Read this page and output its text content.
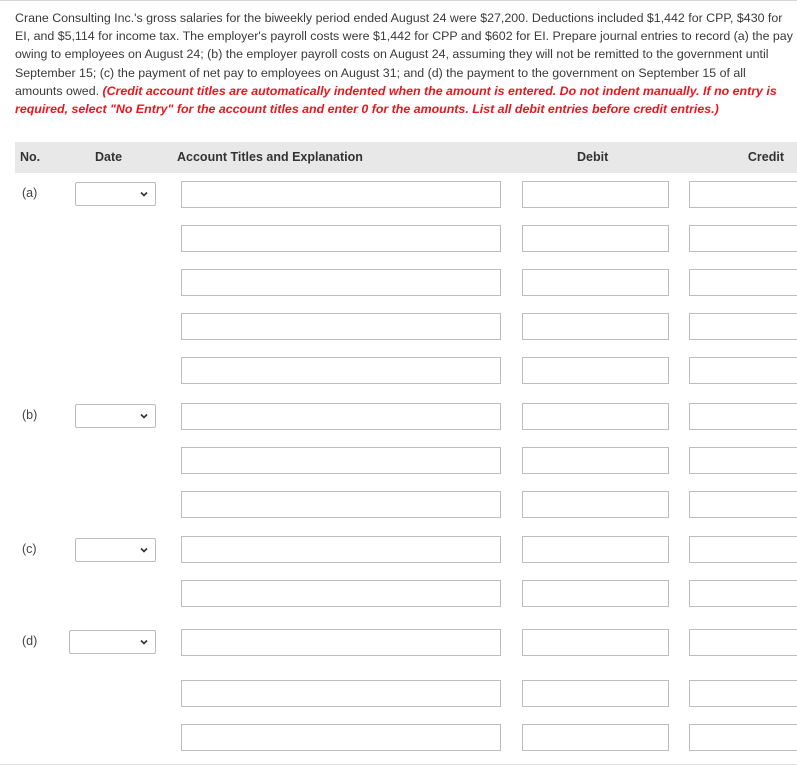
Crane Consulting Inc.'s gross salaries for the biweekly period ended August 24 were $27,200. Deductions included $1,442 for CPP, $430 for EI, and $5,114 for income tax. The employer's payroll costs were $1,442 for CPP and $602 for EI. Prepare journal entries to record (a) the pay owing to employees on August 24; (b) the employer payroll costs on August 24, assuming they will not be remitted to the government until September 15; (c) the payment of net pay to employees on August 31; and (d) the payment to the government on September 15 of all amounts owed. (Credit account titles are automatically indented when the amount is entered. Do not indent manually. If no entry is required, select "No Entry" for the account titles and enter 0 for the amounts. List all debit entries before credit entries.)
No.	Date	Account Titles and Explanation	Debit	Credit
(a)
(b)
(c)
(d)
